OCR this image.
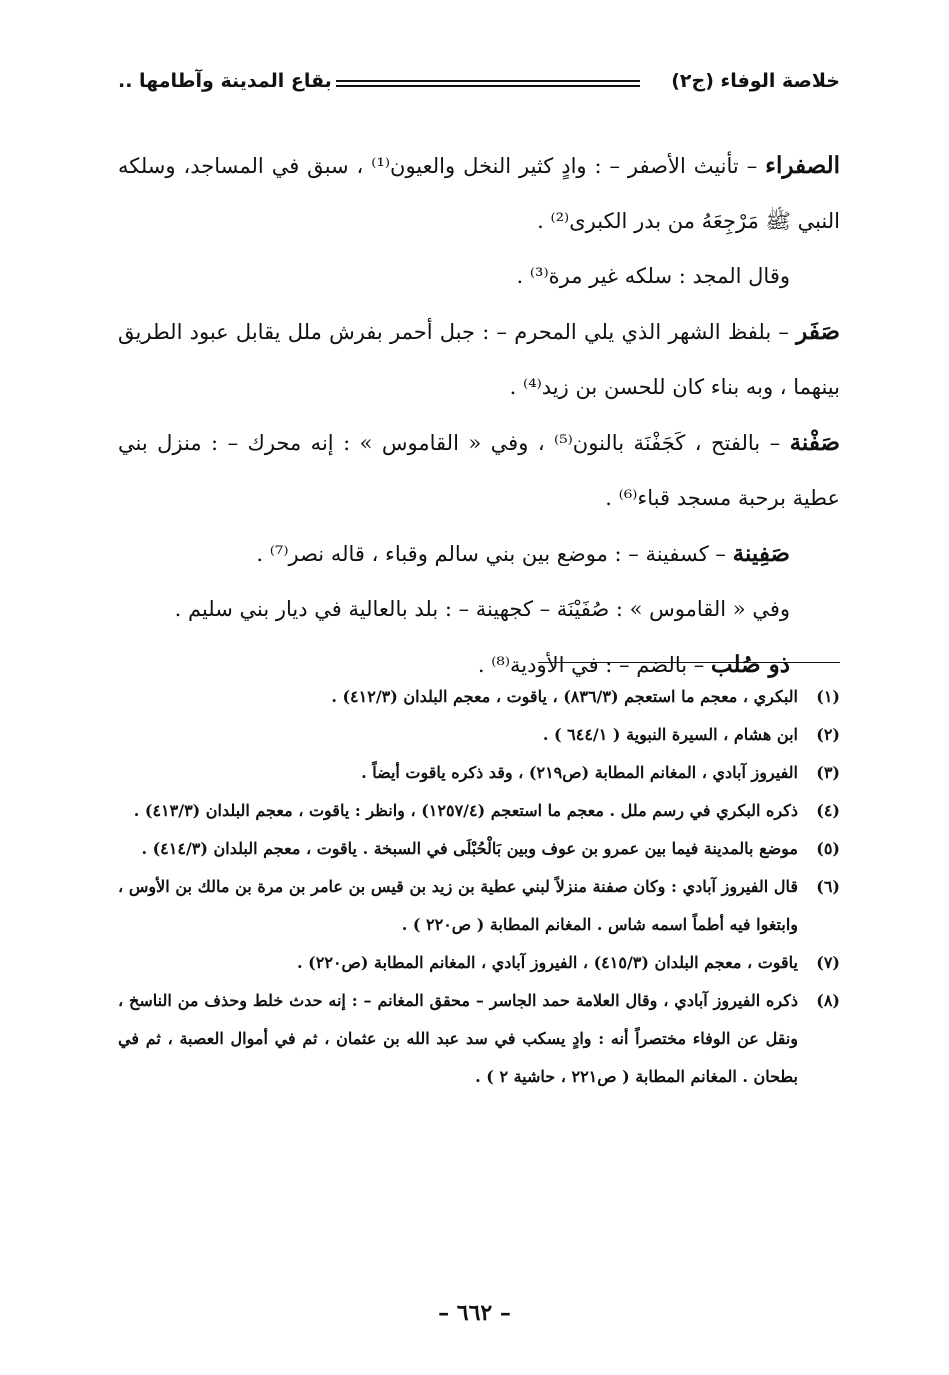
خلاصة الوفاء (ج٢)
بقاع المدينة وآطامها ..

الصفراء – تأنيث الأصفر – : وادٍ كثير النخل والعيون⁽¹⁾ ، سبق في المساجد، وسلكه النبي ﷺ مَرْجِعَهُ من بدر الكبرى⁽²⁾ .

وقال المجد : سلكه غير مرة⁽³⁾ .

صَفَر – بلفظ الشهر الذي يلي المحرم – : جبل أحمر بفرش ملل يقابل عبود الطريق بينهما ، وبه بناء كان للحسن بن زيد⁽⁴⁾ .

صَفْنة – بالفتح ، كَجَفْنَة بالنون⁽⁵⁾ ، وفي « القاموس » : إنه محرك – : منزل بني عطية برحبة مسجد قباء⁽⁶⁾ .

صَفِينة – كسفينة – : موضع بين بني سالم وقباء ، قاله نصر⁽⁷⁾ .

وفي « القاموس » : صُفَيْنَة – كجهينة – : بلد بالعالية في ديار بني سليم .

ذو صُلب – بالضم – : في الأودية⁽⁸⁾ .

(١)
البكري ، معجم ما استعجم (٨٣٦/٣) ، ياقوت ، معجم البلدان (٤١٢/٣) .
(٢)
ابن هشام ، السيرة النبوية ( ٦٤٤/١ ) .
(٣)
الفيروز آبادي ، المغانم المطابة (ص٢١٩) ، وقد ذكره ياقوت أيضاً .
(٤)
ذكره البكري في رسم ملل . معجم ما استعجم (١٢٥٧/٤) ، وانظر : ياقوت ، معجم البلدان (٤١٣/٣) .
(٥)
موضع بالمدينة فيما بين عمرو بن عوف وبين بَالْحُبْلَى في السبخة . ياقوت ، معجم البلدان (٤١٤/٣) .
(٦)
قال الفيروز آبادي : وكان صفنة منزلاً لبني عطية بن زيد بن قيس بن عامر بن مرة بن مالك بن الأوس ، وابتغوا فيه أطماً اسمه شاس . المغانم المطابة ( ص٢٢٠ ) .
(٧)
ياقوت ، معجم البلدان (٤١٥/٣) ، الفيروز آبادي ، المغانم المطابة (ص٢٢٠) .
(٨)
ذكره الفيروز آبادي ، وقال العلامة حمد الجاسر – محقق المغانم – : إنه حدث خلط وحذف من الناسخ ، ونقل عن الوفاء مختصراً أنه : وادٍ يسكب في سد عبد الله بن عثمان ، ثم في أموال العصبة ، ثم في بطحان . المغانم المطابة ( ص٢٢١ ، حاشية ٢ ) .
– ٦٦٢ –
